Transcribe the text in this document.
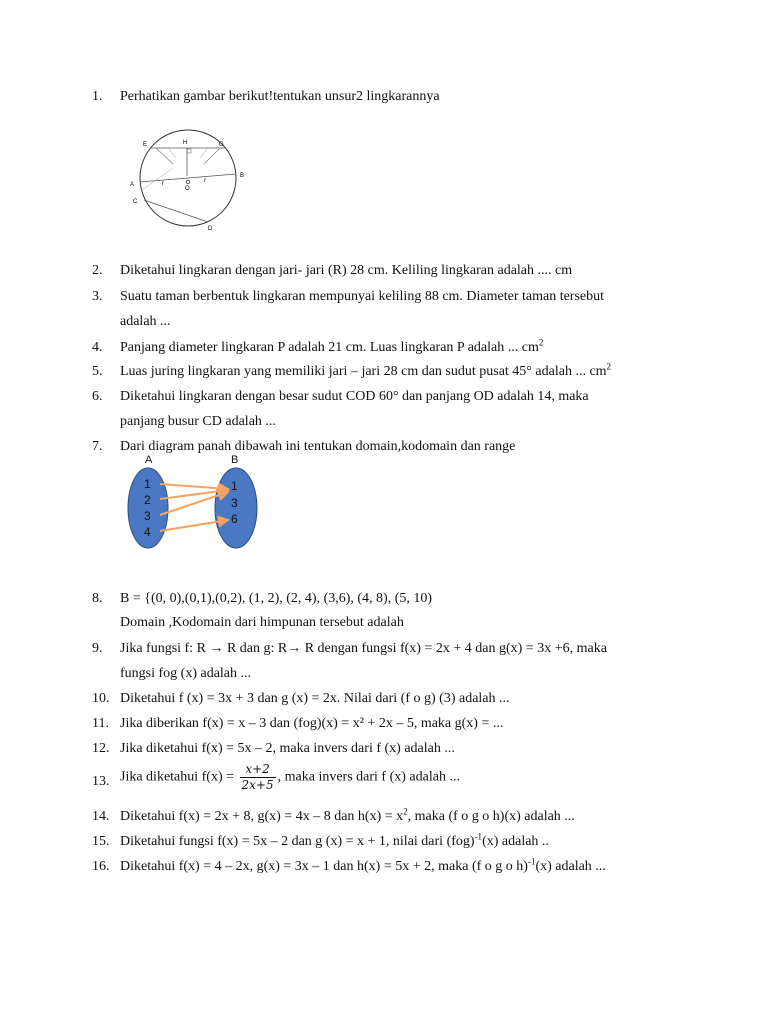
1. Perhatikan gambar berikut!tentukan unsur2 lingkarannya
E	H	G
A
B
C
D
O
r	r
2. Diketahui lingkaran dengan jari- jari (R) 28 cm. Keliling lingkaran adalah .... cm
3. Suatu taman berbentuk lingkaran mempunyai keliling 88 cm. Diameter taman tersebut
adalah ...
4. Panjang diameter lingkaran P adalah 21 cm. Luas lingkaran P adalah ... $cm^2$
5. Luas juring lingkaran yang memiliki jari – jari 28 cm dan sudut pusat 45° adalah ... $cm^2$
6. Diketahui lingkaran dengan besar sudut COD 60° dan panjang OD adalah 14, maka
panjang busur CD adalah ...
7. Dari diagram panah dibawah ini tentukan domain,kodomain dan range
A	B
1
2
3
4
1
3
6
8. B = {(0, 0),(0,1),(0,2), (1, 2), (2, 4), (3,6), (4, 8), (5, 10)
Domain ,Kodomain dari himpunan tersebut adalah
9. Jika fungsi f: R → R dan g: R→ R dengan fungsi f(x) = 2x + 4 dan g(x) = 3x +6, maka
fungsi fog (x) adalah ...
10. Diketahui f (x) = 3x + 3 dan g (x) = 2x. Nilai dari (f o g) (3) adalah ...
11. Jika diberikan f(x) = x – 3 dan (fog)(x) = x² + 2x – 5, maka g(x) = ...
12. Jika diketahui f(x) = 5x – 2, maka invers dari f (x) adalah ...
13. Jika diketahui $f(x) = \frac{x+2}{2x+5}$ , maka invers dari f (x) adalah ...
14. Diketahui f(x) = 2x + 8, g(x) = 4x – 8 dan $h(x) = x^2$, maka (f o g o h)(x) adalah ...
15. Diketahui fungsi f(x) = 5x – 2 dan g (x) = x + 1, nilai dari (fog)$^{-1}$(x) adalah ..
16. Diketahui f(x) = 4 – 2x, g(x) = 3x – 1 dan h(x) = 5x + 2, maka (f o g o h)$^{-1}$(x) adalah ...
